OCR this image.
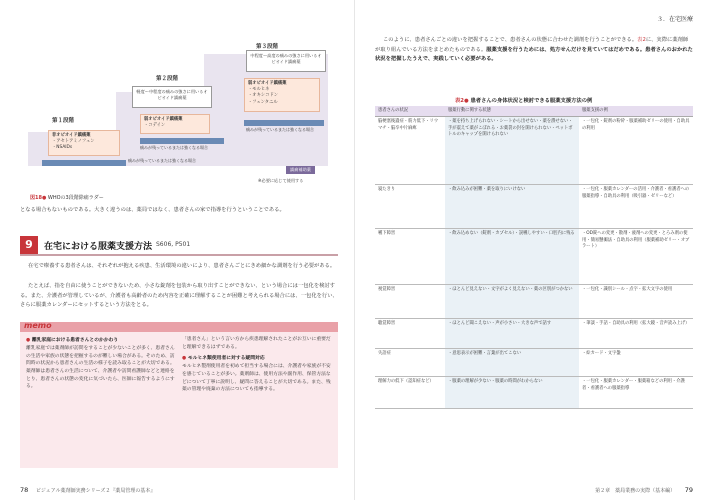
第３段階
第２段階
第１段階
中程度～高度の痛みの強さに用いるオピオイド鎮痛薬
軽度～中程度の痛みの強さに用いるオピオイド鎮痛薬
弱オピオイド鎮痛薬
・モルヒネ
・オキシコドン
・フェンタニル
弱オピオイド鎮痛薬
・コデイン
非オピオイド鎮痛薬
・アセトアミノフェン
・NSAIDs
痛みが残っているまたは強くなる場合
痛みが残っているまたは強くなる場合
痛みが残っているまたは強くなる場合
鎮痛補助薬
※必要に応じて使用する
図18● WHOの3段階除痛ラダー
となる場合もないものである。大きく違うのは、薬局ではなく、患者さんの家で指導を行うということである。
9	在宅における服薬支援方法 S606, P501
在宅で療養する患者さんは、それぞれが抱える疾患、生活環境の違いにより、患者さんごとにきめ細かな調剤を行う必要がある。
たとえば、指を自由に使うことができないため、小さな錠剤を包装から取り出すことができない、という場合には一包化を検討する。また、介護者が管理しているが、介護者も高齢者のため内容を正確に理解することが困難と考えられる場合には、一包化を行い、さらに服薬カレンダーにセットするという方法をとる。
memo
● 離乳家庭における患者さんとのかかわり
離乳家庭では薬剤師が訪問をすることが少ないことが多く、患者さんの生活や家族の状態を把握するのが難しい場合がある。そのため、訪問時の状況から患者さんの生活の様子を読み取ることが大切である。薬剤師は患者さんの生活について、介護者や訪問看護師などと連絡をとり、患者さんの状態の変化に気づいたら、医師に報告するようにする。
「患者さん」という言い方から疾患理解されたことがお互いに重要だと理解できるはずである。
● モルヒネ類使用者に対する疑問対応
モルヒネ製剤使用者を初めて担当する場合には、介護者や家族が不安を感じていることが多い。薬剤師は、使用方法や副作用、保管方法などについて丁寧に説明し、疑問に答えることが大切である。また、残薬の管理や廃棄の方法についても指導する。
78 ビジュアル薬剤師実務シリーズ２『薬局管理の基本』
３．在宅医療
このように、患者さんごとの違いを把握することで、患者さんの状態に合わせた調剤を行うことができる。表2に、実際に薬剤師が取り組んでいる方法をまとめたものである。服薬支援を行うためには、処方せんだけを見ていてはだめである。患者さんのおかれた状況を把握したうえで、実践していく必要がある。
表2● 患者さんの身体状況と検討できる服薬支援方法の例
患者さんの状況	服薬行動に関する状態	服薬支援の例
脳梗塞後遺症・筋力低下・リウマチ・脳卒中片麻痺	・薬を持ち上げられない・シートから出せない・薬を潰せない・手が震えて薬がこぼれる・お薬袋の封を開けられない・ペットボトルのキャップを開けられない	・一包化・錠剤の粉砕・服薬補助ゼリーの使用・自助具の利用
寝たきり	・飲み込みが困難・薬を取りにいけない	・一包化・服薬カレンダーの活用・介護者・看護者への服薬指導・自助具の利用（吸引器・ゼリーなど）
嚥下障害	・飲み込めない（錠剤・カプセル）・誤嚥しやすい・口腔内に残る	・OD錠への変更・散剤・液剤への変更・とろみ剤の使用・簡易懸濁法・自助具の利用（服薬補助ゼリー・オブラート）
視覚障害	・ほとんど見えない・文字がよく見えない・薬の区別がつかない	・一包化・識別シール・点字・拡大文字の使用
聴覚障害	・ほとんど聞こえない・声が小さい・大きな声で話す	・筆談・手話・自助具の利用（拡大鏡・音声読み上げ）
失語症	・意思表示が困難・言葉が出てこない	・絵カード・文字盤
理解力の低下（認知症など）	・服薬の理解が少ない・服薬の時間がわからない	・一包化・服薬カレンダー・服薬箱などの利用・介護者・看護者への服薬指導
第２章　薬局業務の実際（基本編） 79
